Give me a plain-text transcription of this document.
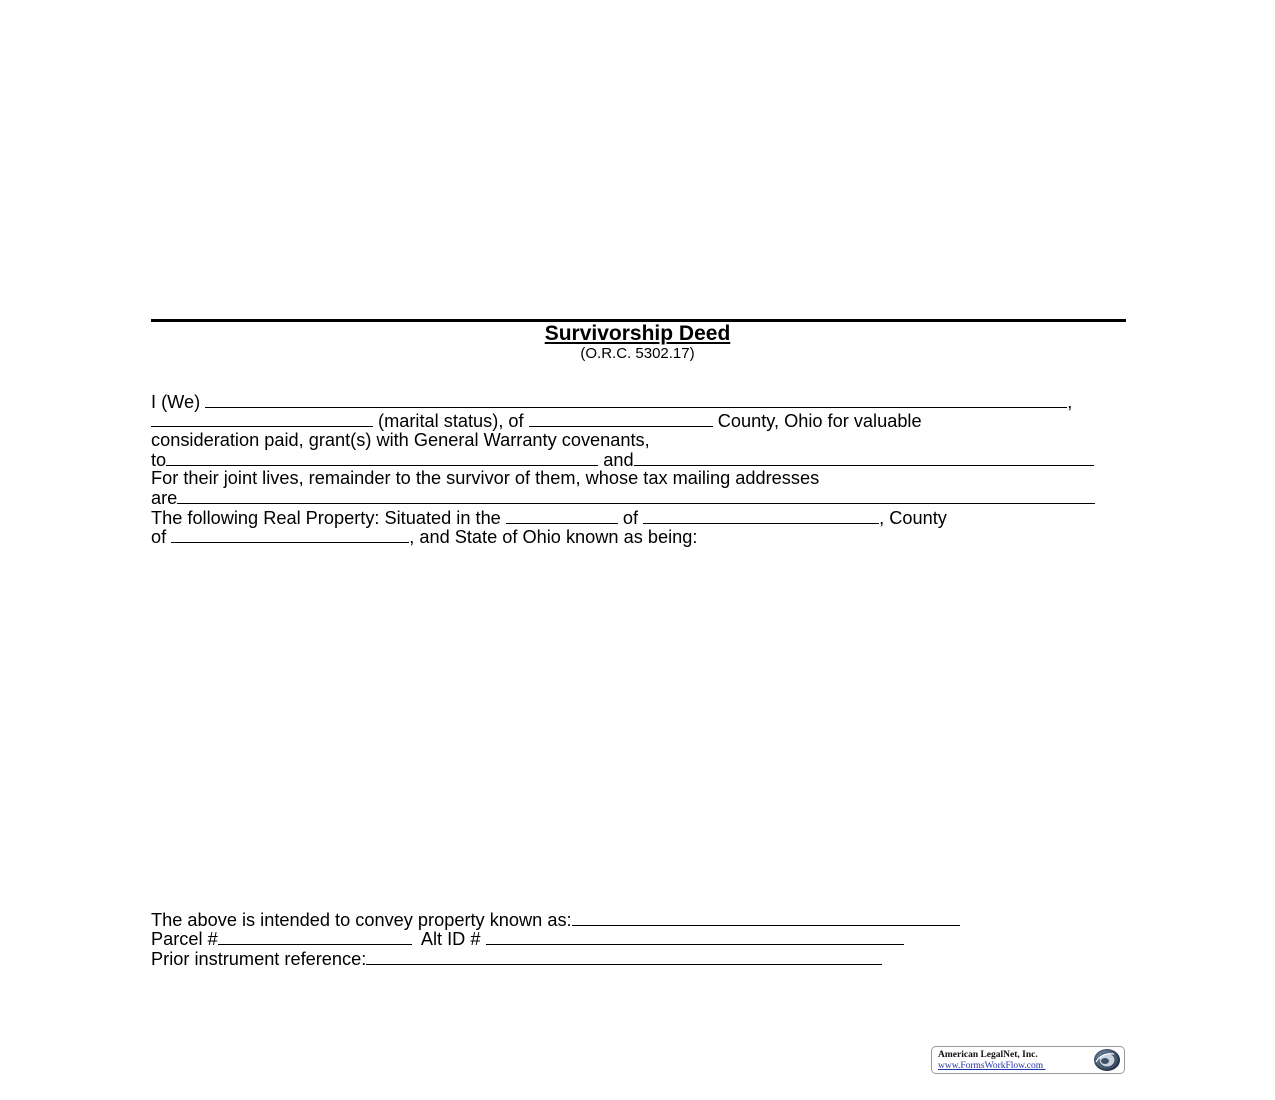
Survivorship Deed
(O.R.C. 5302.17)
I (We)	,
(marital status), of	County, Ohio for valuable
consideration paid, grant(s) with General Warranty covenants,
to	and
For their joint lives, remainder to the survivor of them, whose tax mailing addresses
are
The following Real Property: Situated in the	of	, County
of	, and State of Ohio known as being:
The above is intended to convey property known as:
Parcel #	Alt ID #
Prior instrument reference:
American LegalNet, Inc.
www.FormsWorkFlow.com
